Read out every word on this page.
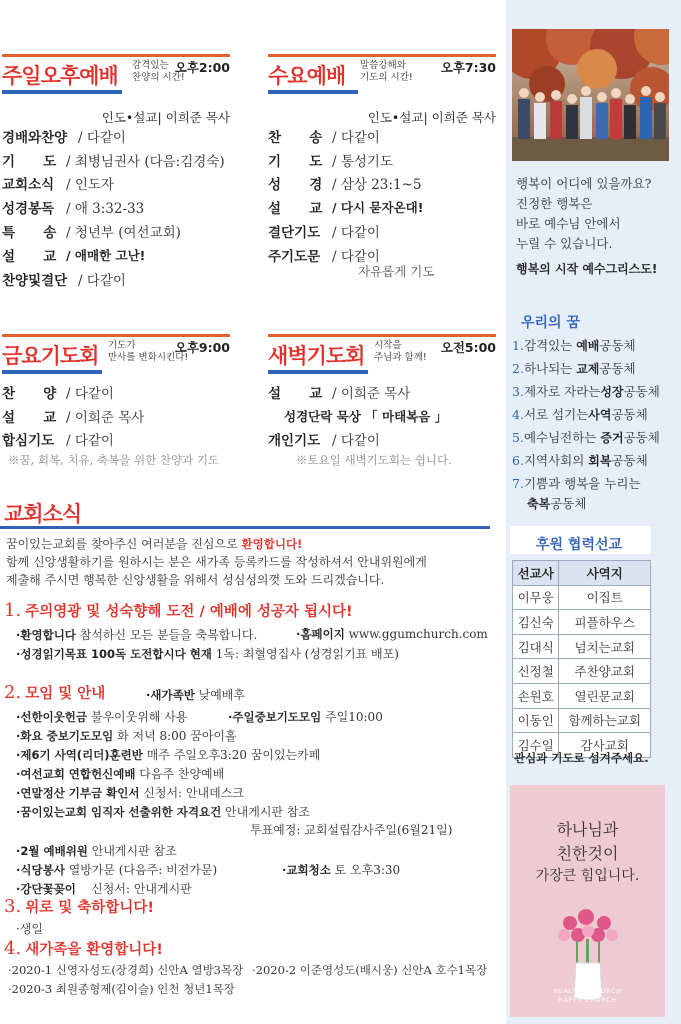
주일오후예배 감격있는
찬양의 시간!
오후2:00
인도•설교| 이희준 목사
경배와찬양 / 다같이
기      도 / 최병님권사 (다음:김경숙)
교회소식 / 인도자
성경봉독 / 애 3:32-33
특      송 / 청년부 (여선교회)
설      교 / 애매한 고난!
찬양및결단 / 다같이
수요예배 말씀강해와
기도의 시간!
오후7:30
인도•설교| 이희준 목사
찬      송 / 다같이
기      도 / 통성기도
성      경 / 삼상 23:1~5
설      교 / 다시 묻자온대!
결단기도 / 다같이
주기도문 / 다같이
자유롭게 기도
금요기도회 기도가
만사를 변화시킨다!
오후9:00
찬      양 / 다같이
설      교 / 이희준 목사
합심기도 / 다같이
※꿈, 회복, 치유, 축복을 위한 찬양과 기도
새벽기도회 시작을
주님과 함께!
오전5:00
설      교 / 이희준 목사
성경단락 묵상 「 마태복음 」
개인기도 / 다같이
※토요일 새벽기도회는 쉽니다.
교회소식
꿈이있는교회를 찾아주신 여러분을 진심으로 환영합니다!
함께 신앙생활하기를 원하시는 분은 새가족 등록카드를 작성하셔서 안내위원에게
제출해 주시면 행복한 신앙생활을 위해서 성심성의껏 도와 드리겠습니다.
1. 주의영광 및 성숙향해 도전 / 예배에 성공자 됩시다!
·환영합니다 참석하신 모든 분들을 축복합니다.	·홈페이지 www.ggumchurch.com
·성경읽기목표 100독 도전합시다 현재 1독: 최혈영집사 (성경읽기표 배포)
2. 모임 및 안내	·새가족반 낮예배후
·선한이웃헌금 불우이웃위해 사용	·주일중보기도모임 주일10:00
·화요 중보기도모임 화 저녁 8:00 꿈아이홀
·제6기 사역(리더)훈련반 매주 주일오후3:20 꿈이있는카페
·여선교회 연합헌신예배 다음주 찬양예배
·연말정산 기부금 확인서 신청서: 안내데스크
·꿈이있는교회 임직자 선출위한 자격요건 안내게시판 참조
투표예정: 교회설립감사주일(6월21일)
·2월 예배위원 안내게시판 참조
·식당봉사 열방가문 (다음주: 비전가문)	·교회청소 토 오후3:30
·강단꽃꽂이    신청서: 안내게시판
3. 위로 및 축하합니다!
·생일
4. 새가족을 환영합니다!
·2020-1 신영자성도(장경희) 신안A 열방3목장 ·2020-2 이준영성도(배시웅) 신안A 호수1목장
·2020-3 최원종형제(김이슬) 인천 청년1목장
행복이 어디에 있을까요?
진정한 행복은
바로 예수님 안에서
누릴 수 있습니다.
행복의 시작 예수그리스도!
우리의 꿈
1.감격있는 예배공동체
2.하나되는 교제공동체
3.제자로 자라는성장공동체
4.서로 섬기는사역공동체
5.예수님전하는 증거공동체
6.지역사회의 회복공동체
7.기쁨과 행복을 누리는
축복공동체
후원 협력선교
선교사	사역지
이무웅	이집트
김신숙	피플하우스
김대식	넘치는교회
신정철	주찬양교회
손원호	열린문교회
이동인	함께하는교회
김수일	감사교회
관심과 기도로 섬겨주세요.
하나님과
친한것이
가장큰 힘입니다.
HEALTHY CHURCH
HAPPY CHURCH
